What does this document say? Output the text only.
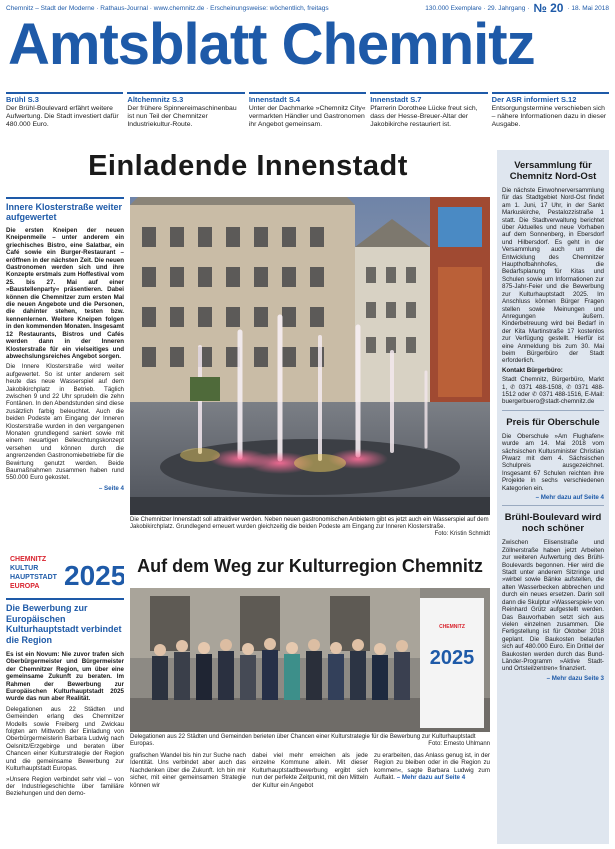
Chemnitz – Stadt der Moderne · Rathaus-Journal · www.chemnitz.de · Erscheinungsweise: wöchentlich, freitags	130.000 Exemplare · 29. Jahrgang · № 20 · 18. Mai 2018
Amtsblatt Chemnitz
Brühl S.3
Der Brühl-Boulevard erfährt weitere Aufwertung. Die Stadt investiert dafür 480.000 Euro.
Altchemnitz S.3
Der frühere Spinnereimaschinenbau ist nun Teil der Chemnitzer Industriekultur-Route.
Innenstadt S.4
Unter der Dachmarke »Chemnitz City« vermarkten Händler und Gastronomen ihr Angebot gemeinsam.
Innenstadt S.7
Pfarrerin Dorothee Lücke freut sich, dass der Hesse-Breuer-Altar der Jakobikirche restauriert ist.
Der ASR informiert S.12
Entsorgungstermine verschieben sich – nähere Informationen dazu in dieser Ausgabe.
Einladende Innenstadt
Innere Klosterstraße weiter aufgewertet

Die ersten Kneipen der neuen Kneipenmeile – unter anderem ein griechisches Bistro, eine Salatbar, ein Café sowie ein Burger-Restaurant – eröffnen in der nächsten Zeit. Die neuen Gastronomen werden sich und ihre Konzepte erstmals zum Hoffestival vom 25. bis 27. Mai auf einer »Baustellenparty« präsentieren. Dabei können die Chemnitzer zum ersten Mal die neuen Angebote und die Personen, die dahinter stehen, testen bzw. kennenlernen. Weitere Kneipen folgen in den kommenden Monaten. Insgesamt 12 Restaurants, Bistros und Cafés werden dann in der Inneren Klosterstraße für ein vielseitiges und abwechslungsreiches Angebot sorgen.

Die Innere Klosterstraße wird weiter aufgewertet. So ist unter anderem seit heute das neue Wasserspiel auf dem Jakobikirchplatz in Betrieb. Täglich zwischen 9 und 22 Uhr sprudeln die zehn Fontänen. In den Abendstunden sind diese zusätzlich farbig beleuchtet. Auch die beiden Podeste am Eingang der Inneren Klosterstraße wurden in den vergangenen Monaten grundlegend saniert sowie mit einem neuartigen Beleuchtungskonzept versehen und können durch die angrenzenden Gastronomiebetriebe für die Bewirtung genutzt werden. Beide Baumaßnahmen zusammen haben rund 550.000 Euro gekostet.

– Seite 4

Die Chemnitzer Innenstadt soll attraktiver werden. Neben neuen gastronomischen Anbietern gibt es jetzt auch ein Wasserspiel auf dem Jakobikirchplatz. Grundlegend erneuert wurden gleichzeitig die beiden Podeste am Eingang zur Inneren Klosterstraße.
Foto: Kristin Schmidt
CHEMNITZ
KULTUR
HAUPTSTADT
EUROPA 2025
Die Bewerbung zur Europäischen Kulturhauptstadt verbindet die Region

Es ist ein Novum: Nie zuvor trafen sich Oberbürgermeister und Bürgermeister der Chemnitzer Region, um über eine gemeinsame Zukunft zu beraten. Im Rahmen der Bewerbung zur Europäischen Kulturhauptstadt 2025 wurde das nun aber Realität.

Delegationen aus 22 Städten und Gemeinden erlang des Chemnitzer Modells sowie Freiberg und Zwickau folgten am Mittwoch der Einladung von Oberbürgermeisterin Barbara Ludwig nach Oelsnitz/Erzgebirge und beraten über Chancen einer Kulturstrategie der Region und die gemeinsame Bewerbung zur Kulturhauptstadt Europas.

»Unsere Region verbindet sehr viel – von der Industriegeschichte über familiäre Beziehungen und den demo-

Auf dem Weg zur Kulturregion Chemnitz
CHEMNITZ
2025
Delegationen aus 22 Städten und Gemeinden berieten über Chancen einer Kulturstrategie für die Bewerbung zur Kulturhauptstadt Europas.	Foto: Ernesto Uhlmann
grafischen Wandel bis hin zur Suche nach Identität. Uns verbindet aber auch das Nachdenken über die Zukunft. Ich bin mir sicher, mit einer gemeinsamen Strategie können wir
dabei viel mehr erreichen als jede einzelne Kommune allein. Mit dieser Kulturhauptstadtbewerbung ergibt sich nun der perfekte Zeitpunkt, mit den Mitteln der Kultur ein Angebot
zu erarbeiten, das Anlass genug ist, in der Region zu bleiben oder in die Region zu kommen«, sagte Barbara Ludwig zum Auftakt. – Mehr dazu auf Seite 4
Versammlung für Chemnitz Nord-Ost

Die nächste Einwohnerversammlung für das Stadtgebiet Nord-Ost findet am 1. Juni, 17 Uhr, in der Sankt Markuskirche, Pestalozzistraße 1 statt. Die Stadtverwaltung berichtet über Aktuelles und neue Vorhaben auf dem Sonnenberg, in Ebersdorf und Hilbersdorf. Es geht in der Versammlung auch um die Entwicklung des Chemnitzer Haupthofbahnhofes, die Bedarfsplanung für Kitas und Schulen sowie um Informationen zur 875-Jahr-Feier und die Bewerbung zur Kulturhauptstadt 2025. Im Anschluss können Bürger Fragen stellen sowie Meinungen und Anregungen äußern. Kinderbetreuung wird bei Bedarf in der Kita Martinstraße 17 kostenlos zur Verfügung gestellt. Hierfür ist eine Anmeldung bis zum 30. Mai beim Bürgerbüro der Stadt erforderlich.

Kontakt Bürgerbüro:

Stadt Chemnitz, Bürgerbüro, Markt 1, ✆ 0371 488-1508, ✆ 0371 488-1512 oder ✆ 0371 488-1516, E-Mail: buergerbuero@stadt-chemnitz.de

Preis für Oberschule

Die Oberschule »Am Flughafen« wurde am 14. Mai 2018 vom sächsischen Kultusminister Christian Piwarz mit dem 4. Sächsischen Schulpreis ausgezeichnet. Insgesamt 67 Schulen reichten ihre Projekte in sechs verschiedenen Kategorien ein.

– Mehr dazu auf Seite 4

Brühl-Boulevard wird noch schöner

Zwischen Elisenstraße und Zöllnerstraße haben jetzt Arbeiten zur weiteren Aufwertung des Brühl-Boulevards begonnen. Hier wird die Stadt unter anderem Sitzringe und »wirbel sowie Bänke aufstellen, die alten Wasserbecken abbrechen und durch ein neues ersetzen. Darin soll dann die Skulptur »Wasserspiel« von Reinhard Grütz aufgestellt werden. Das Bauvorhaben setzt sich aus vielen einzelnen zusammen. Die Fertigstellung ist für Oktober 2018 geplant. Die Baukosten belaufen sich auf 480.000 Euro. Ein Drittel der Baukosten werden durch das Bund-Länder-Programm »Aktive Stadt- und Ortsteilzentren« finanziert.

– Mehr dazu Seite 3
